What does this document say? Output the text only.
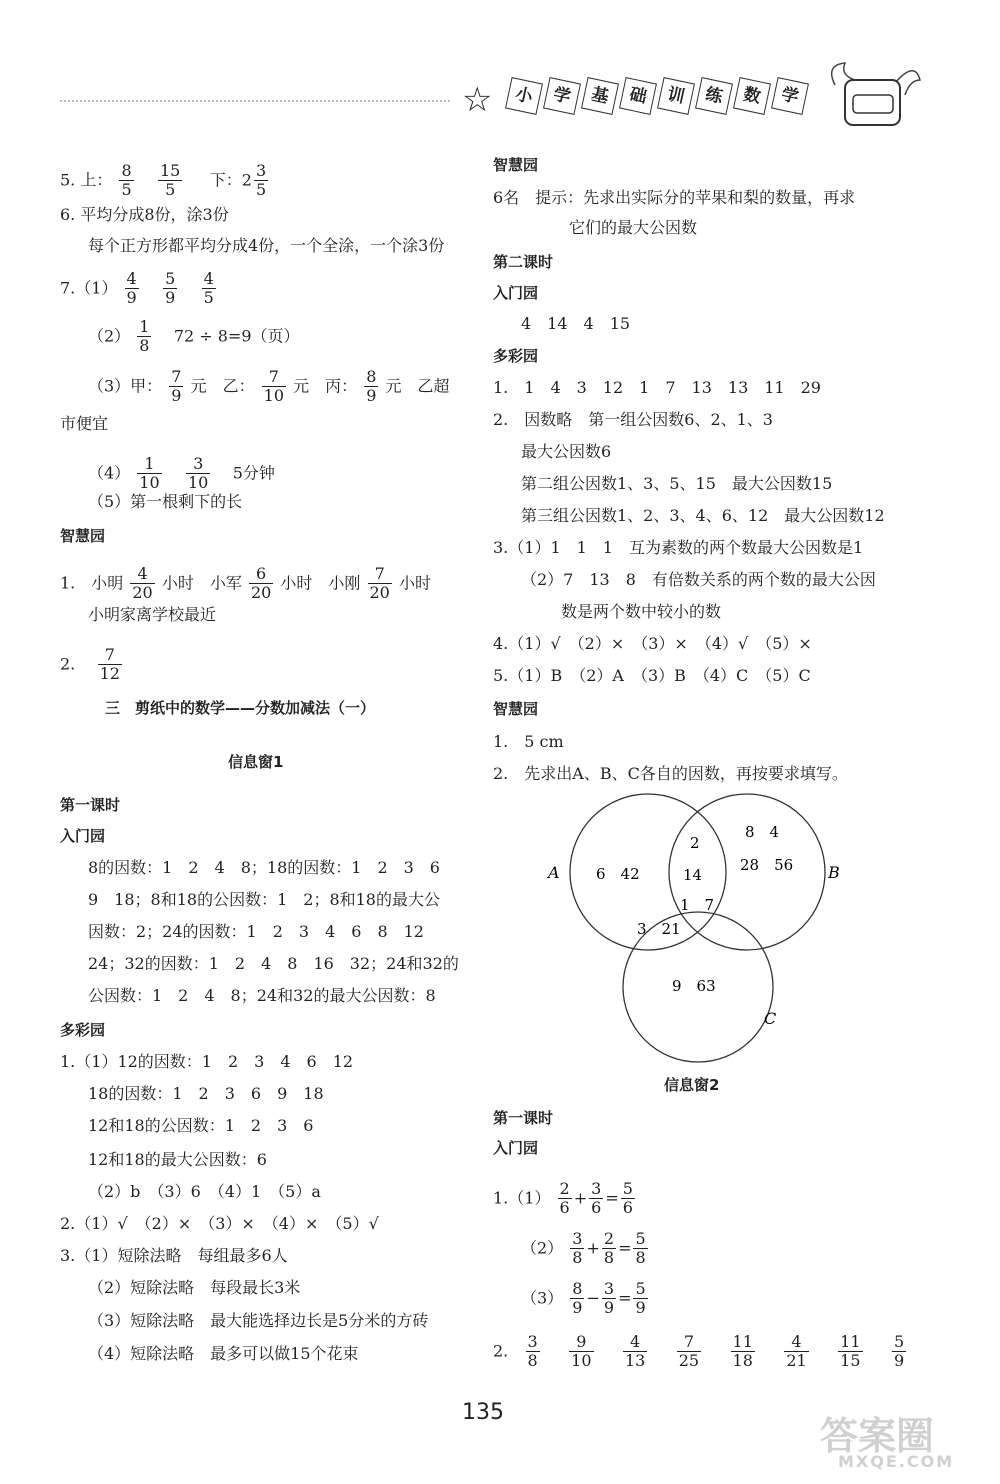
☆	小 学 基 础 训 练 数 学
5. 上： $\frac{8}{5}$
$\frac{15}{5}$ 下：$2 \frac{3}{5}$
6. 平均分成8份，涂3份
每个正方形都平均分成4份，一个全涂，一个涂3份
$7.(1) \frac{4}{9}$
$\frac{5}{9}$
$\frac{4}{5}$
$(2) \frac{1}{8} 72 \div 8=9$（页）
（3）甲： $\frac{7}{9}$ 元　乙： $\frac{7}{10}$ 元　丙： $\frac{8}{9}$ 元　乙超
市便宜
$(4) \frac{1}{10}$
$\frac{3}{10} 5$分钟
（5）第一根剩下的长
智慧园
1.　小明 $\frac{4}{20}$ 小时　小军 $\frac{6}{20}$ 小时　小刚 $\frac{7}{20}$ 小时
小明家离学校最近
2. $\frac{7}{12}$
三　剪纸中的数学——分数加减法（一）
信息窗1
第一课时
入门园
8的因数：1　2　4　8；18的因数：1　2　3　6
9　18；8和18的公因数：1　2；8和18的最大公
因数：2；24的因数：1　2　3　4　6　8　12
24；32的因数：1　2　4　8　16　32；24和32的
公因数：1　2　4　8；24和32的最大公因数：8
多彩园
1.（1）12的因数：1　2　3　4　6　12
18的因数：1　2　3　6　9　18
12和18的公因数：1　2　3　6
12和18的最大公因数：6
（2）b　（3）6　（4）1　（5）a
2.（1）√　（2）×　（3）×　（4）×　（5）√
3.（1）短除法略　每组最多6人
（2）短除法略　每段最长3米
（3）短除法略　最大能选择边长是5分米的方砖
（4）短除法略　最多可以做15个花束
智慧园
6名　提示：先求出实际分的苹果和梨的数量，再求
它们的最大公因数
第二课时
入门园
4　14　4　15
多彩园
1.　1　4　3　12　1　7　13　13　11　29
2.　因数略　第一组公因数6、2、1、3
最大公因数6
第二组公因数1、3、5、15　最大公因数15
第三组公因数1、2、3、4、6、12　最大公因数12
3.（1）1　1　1　互为素数的两个数最大公因数是1
（2）7　13　8　有倍数关系的两个数的最大公因
数是两个数中较小的数
4.（1）√　（2）×　（3）×　（4）√　（5）×
5.（1）B　（2）A　（3）B　（4）C　（5）C
智慧园
1.　5 cm
2.　先求出A、B、C各自的因数，再按要求填写。
A	B
C
6　42
8　4
28　56
2
14
1　7
3　21
9　63
信息窗2
第一课时
入门园
$1.(1) \frac{2}{6} + \frac{3}{6} = \frac{5}{6}$
$(2) \frac{3}{8} + \frac{2}{8} = \frac{5}{8}$
$(3) \frac{8}{9} - \frac{3}{9} = \frac{5}{9}$
2. $\frac{3}{8}$
$\frac{9}{10}$
$\frac{4}{13}$
$\frac{7}{25}$
$\frac{11}{18}$
$\frac{4}{21}$
$\frac{11}{15}$
$\frac{5}{9}$
135
答案圈
MXQE.COM
